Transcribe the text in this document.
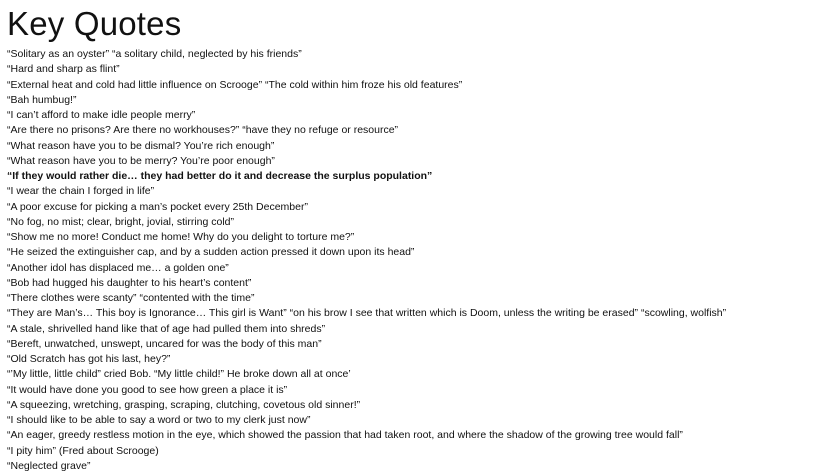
Key Quotes
“Solitary as an oyster” “a solitary child, neglected by his friends”
“Hard and sharp as flint”
“External heat and cold had little influence on Scrooge” “The cold within him froze his old features”
“Bah humbug!”
“I can’t afford to make idle people merry”
“Are there no prisons? Are there no workhouses?” “have they no refuge or resource”
“What reason have you to be dismal? You’re rich enough”
“What reason have you to be merry? You’re poor enough”
“If they would rather die… they had better do it and decrease the surplus population”
“I wear the chain I forged in life”
“A poor excuse for picking a man’s pocket every 25th December”
“No fog, no mist; clear, bright, jovial, stirring cold”
“Show me no more! Conduct me home! Why do you delight to torture me?”
“He seized the extinguisher cap, and by a sudden action pressed it down upon its head”
“Another idol has displaced me… a golden one”
“Bob had hugged his daughter to his heart’s content”
“There clothes were scanty” “contented with the time”
“They are Man’s… This boy is Ignorance… This girl is Want” “on his brow I see that written which is Doom, unless the writing be erased” “scowling, wolfish”
“A stale, shrivelled hand like that of age had pulled them into shreds”
“Bereft, unwatched, unswept, uncared for was the body of this man”
“Old Scratch has got his last, hey?”
“’My little, little child” cried Bob. “My little child!” He broke down all at once’
“It would have done you good to see how green a place it is”
“A squeezing, wretching, grasping, scraping, clutching, covetous old sinner!”
“I should like to be able to say a word or two to my clerk just now”
“An eager, greedy restless motion in the eye, which showed the passion that had taken root, and where the shadow of the growing tree would fall”
“I pity him” (Fred about Scrooge)
“Neglected grave”
